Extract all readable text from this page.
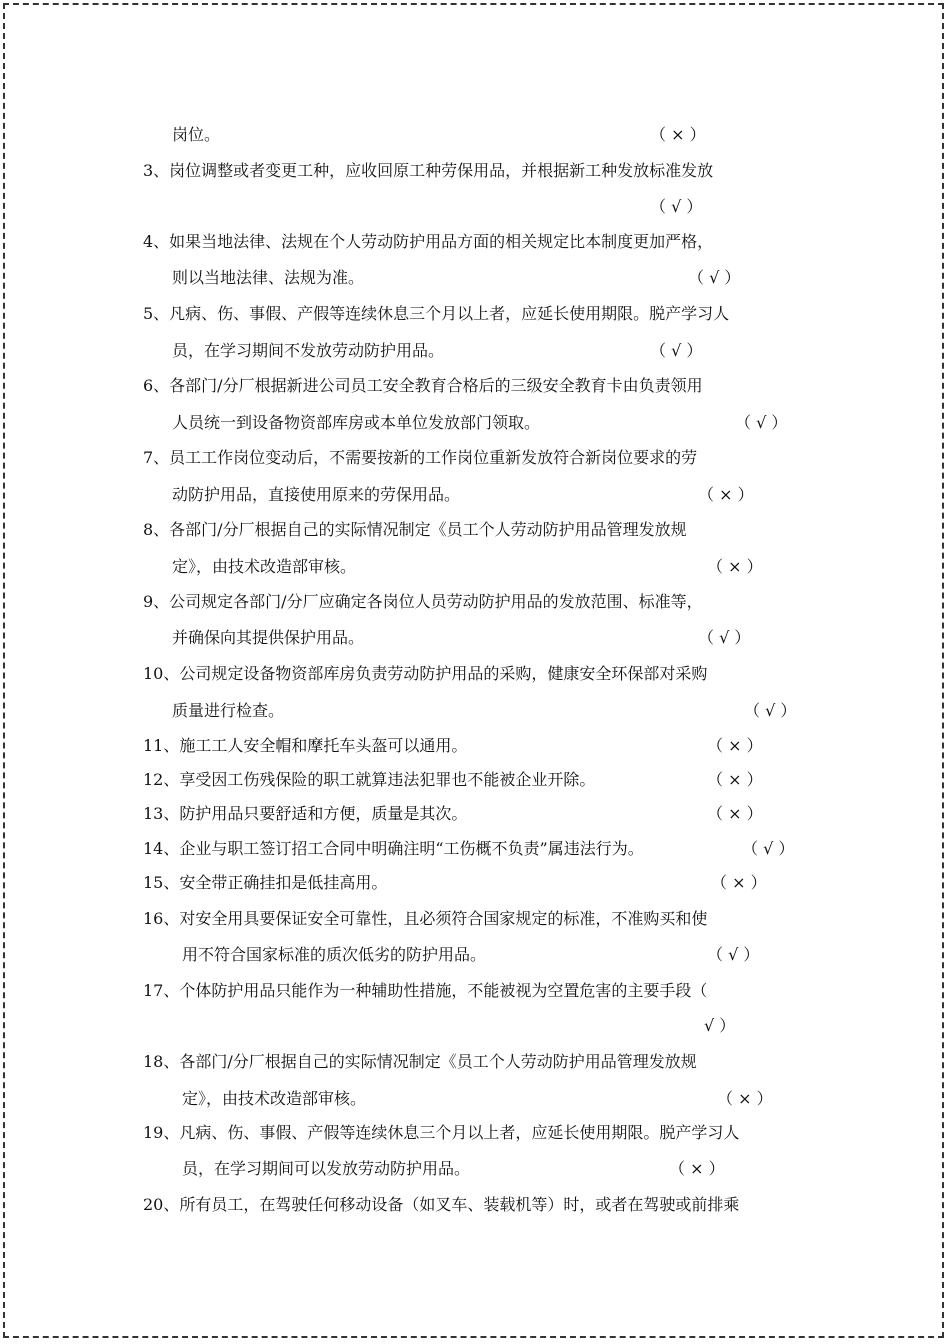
岗位。	（ × ）
3、岗位调整或者变更工种，应收回原工种劳保用品，并根据新工种发放标准发放
（ √ ）
4、如果当地法律、法规在个人劳动防护用品方面的相关规定比本制度更加严格，
则以当地法律、法规为准。	（ √ ）
5、凡病、伤、事假、产假等连续休息三个月以上者，应延长使用期限。脱产学习人
员，在学习期间不发放劳动防护用品。	（ √ ）
6、各部门/分厂根据新进公司员工安全教育合格后的三级安全教育卡由负责领用
人员统一到设备物资部库房或本单位发放部门领取。	（ √ ）
7、员工工作岗位变动后，不需要按新的工作岗位重新发放符合新岗位要求的劳
动防护用品，直接使用原来的劳保用品。	（ × ）
8、各部门/分厂根据自己的实际情况制定《员工个人劳动防护用品管理发放规
定》，由技术改造部审核。	（ × ）
9、公司规定各部门/分厂应确定各岗位人员劳动防护用品的发放范围、标准等，
并确保向其提供保护用品。	（ √ ）
10、公司规定设备物资部库房负责劳动防护用品的采购，健康安全环保部对采购
质量进行检查。	（ √ ）
11、施工工人安全帽和摩托车头盔可以通用。	（ × ）
12、享受因工伤残保险的职工就算违法犯罪也不能被企业开除。	（ × ）
13、防护用品只要舒适和方便，质量是其次。	（ × ）
14、企业与职工签订招工合同中明确注明“工伤概不负责”属违法行为。	（ √ ）
15、安全带正确挂扣是低挂高用。	（ × ）
16、对安全用具要保证安全可靠性，且必须符合国家规定的标准，不准购买和使
用不符合国家标准的质次低劣的防护用品。	（ √ ）
17、个体防护用品只能作为一种辅助性措施，不能被视为空置危害的主要手段（
√ ）
18、各部门/分厂根据自己的实际情况制定《员工个人劳动防护用品管理发放规
定》，由技术改造部审核。	（ × ）
19、凡病、伤、事假、产假等连续休息三个月以上者，应延长使用期限。脱产学习人
员，在学习期间可以发放劳动防护用品。	（ × ）
20、所有员工，在驾驶任何移动设备（如叉车、装载机等）时，或者在驾驶或前排乘
